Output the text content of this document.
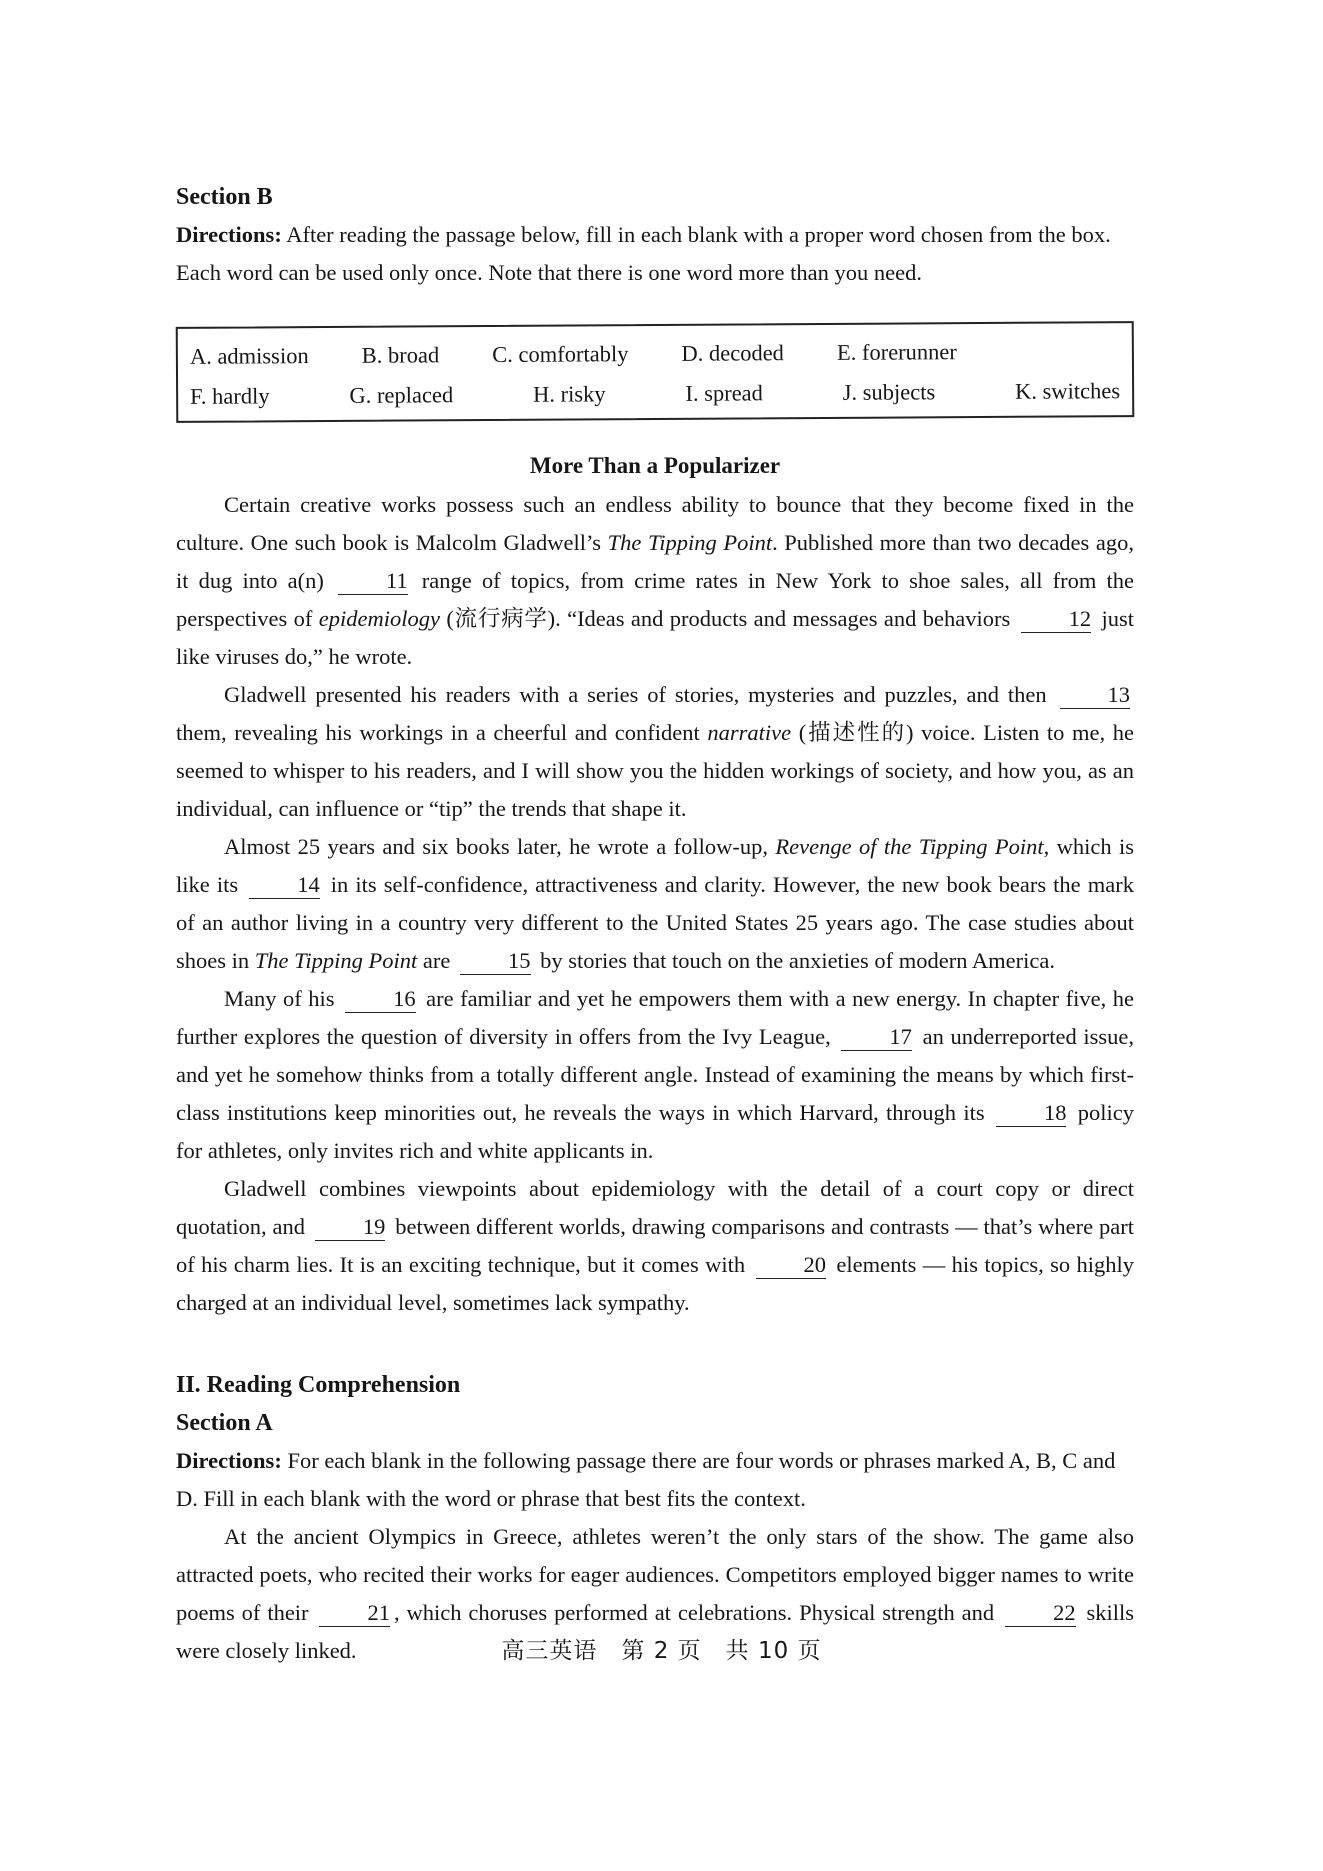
Section B

Directions: After reading the passage below, fill in each blank with a proper word chosen from the box. Each word can be used only once. Note that there is one word more than you need.

A. admission B. broad C. comfortably D. decoded E. forerunner
F. hardly	G. replaced	H. risky	I. spread	J. subjects	K. switches
More Than a Popularizer

Certain creative works possess such an endless ability to bounce that they become fixed in the culture. One such book is Malcolm Gladwell’s The Tipping Point. Published more than two decades ago, it dug into a(n) 11 range of topics, from crime rates in New York to shoe sales, all from the perspectives of epidemiology (流行病学). “Ideas and products and messages and behaviors 12 just like viruses do,” he wrote.

Gladwell presented his readers with a series of stories, mysteries and puzzles, and then 13 them, revealing his workings in a cheerful and confident narrative (描述性的) voice. Listen to me, he seemed to whisper to his readers, and I will show you the hidden workings of society, and how you, as an individual, can influence or “tip” the trends that shape it.

Almost 25 years and six books later, he wrote a follow-up, Revenge of the Tipping Point, which is like its 14 in its self-confidence, attractiveness and clarity. However, the new book bears the mark of an author living in a country very different to the United States 25 years ago. The case studies about shoes in The Tipping Point are 15 by stories that touch on the anxieties of modern America.

Many of his 16 are familiar and yet he empowers them with a new energy. In chapter five, he further explores the question of diversity in offers from the Ivy League, 17 an underreported issue, and yet he somehow thinks from a totally different angle. Instead of examining the means by which first-class institutions keep minorities out, he reveals the ways in which Harvard, through its 18 policy for athletes, only invites rich and white applicants in.

Gladwell combines viewpoints about epidemiology with the detail of a court copy or direct quotation, and 19 between different worlds, drawing comparisons and contrasts — that’s where part of his charm lies. It is an exciting technique, but it comes with 20 elements — his topics, so highly charged at an individual level, sometimes lack sympathy.

II. Reading Comprehension
Section A

Directions: For each blank in the following passage there are four words or phrases marked A, B, C and D. Fill in each blank with the word or phrase that best fits the context.

At the ancient Olympics in Greece, athletes weren’t the only stars of the show. The game also attracted poets, who recited their works for eager audiences. Competitors employed bigger names to write poems of their 21 , which choruses performed at celebrations. Physical strength and 22 skills were closely linked.	高三英语　第 2 页　共 10 页
